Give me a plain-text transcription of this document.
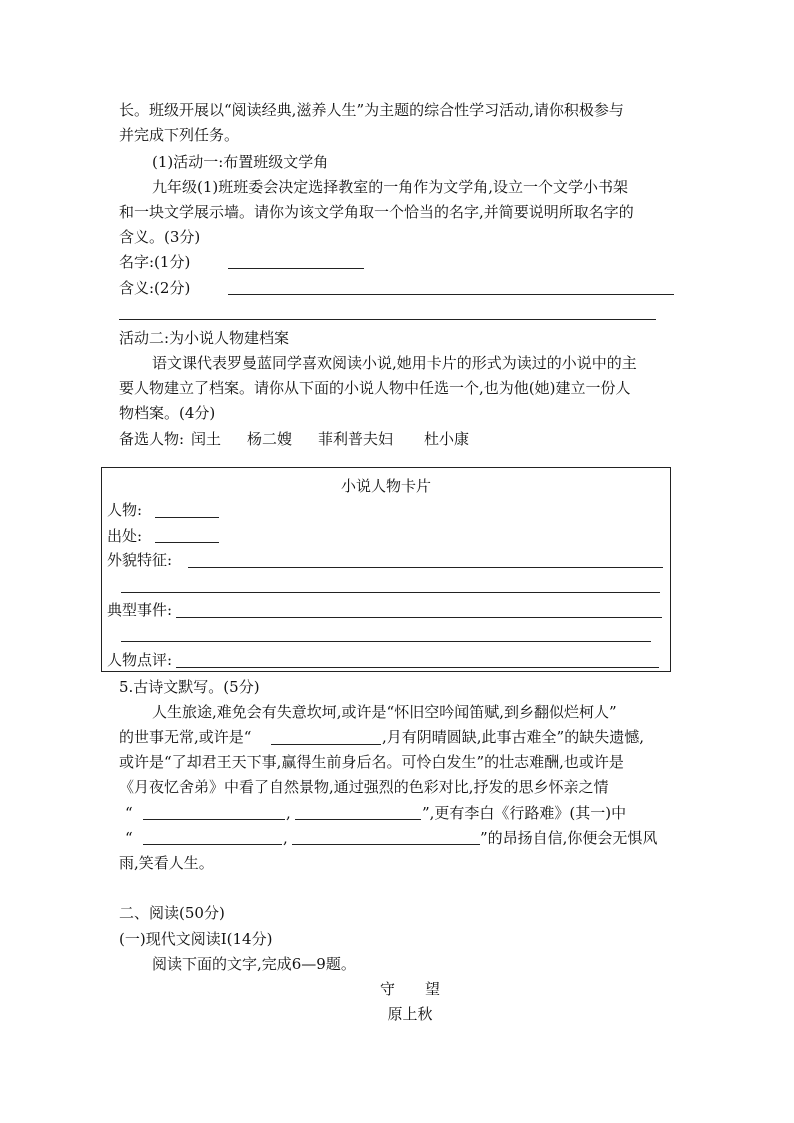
长。班级开展以“阅读经典,滋养人生”为主题的综合性学习活动,请你积极参与
并完成下列任务。
(1)活动一:布置班级文学角
九年级(1)班班委会决定选择教室的一角作为文学角,设立一个文学小书架
和一块文学展示墙。请你为该文学角取一个恰当的名字,并简要说明所取名字的
含义。(3分)
名字:(1分)
含义:(2分)
活动二:为小说人物建档案
语文课代表罗曼蓝同学喜欢阅读小说,她用卡片的形式为读过的小说中的主
要人物建立了档案。请你从下面的小说人物中任选一个,也为他(她)建立一份人
物档案。(4分)
备选人物: 闰土 杨二嫂 菲利普夫妇 杜小康
小说人物卡片
人物:
出处:
外貌特征:
典型事件:
人物点评:
5.古诗文默写。(5分)
人生旅途,难免会有失意坎坷,或许是“怀旧空吟闻笛赋,到乡翻似烂柯人”
的世事无常,或许是“	,月有阴晴圆缺,此事古难全”的缺失遗憾,
或许是“了却君王天下事,赢得生前身后名。可怜白发生”的壮志难酬,也或许是
《月夜忆舍弟》中看了自然景物,通过强烈的色彩对比,抒发的思乡怀亲之情
“	,	”,更有李白《行路难》(其一)中
“	,	”的昂扬自信,你便会无惧风
雨,笑看人生。
二、阅读(50分)
(一)现代文阅读Ⅰ(14分)
阅读下面的文字,完成6—9题。
守　　望
原上秋
